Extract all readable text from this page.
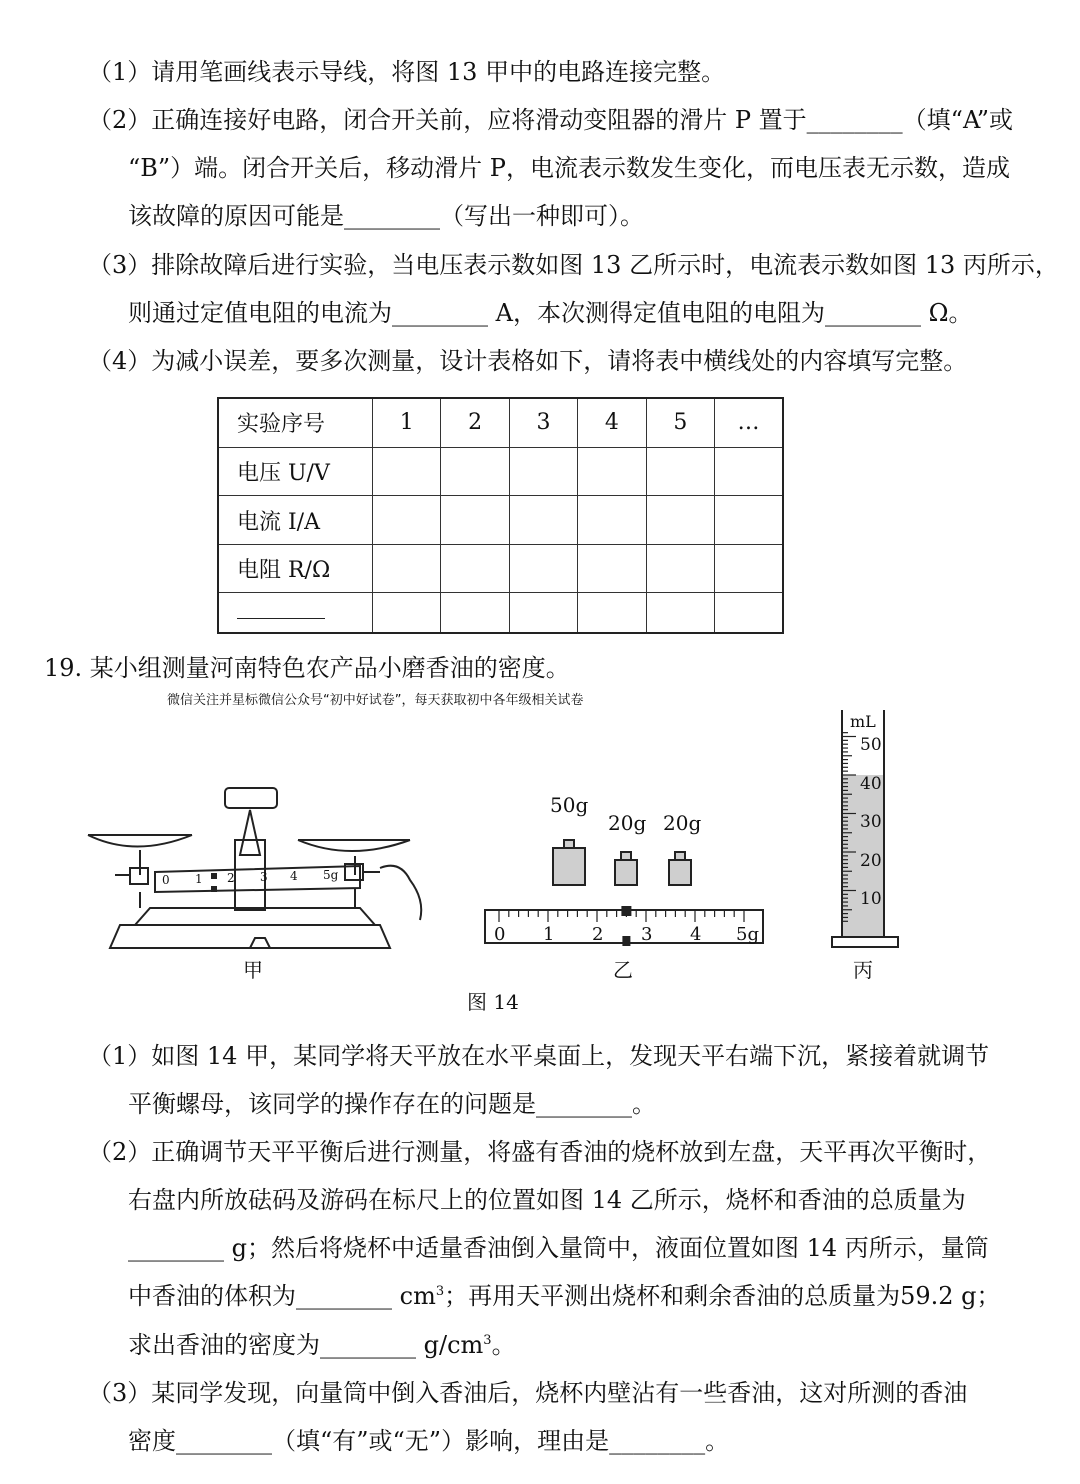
（1）请用笔画线表示导线，将图 13 甲中的电路连接完整。
（2）正确连接好电路，闭合开关前，应将滑动变阻器的滑片 P 置于________（填“A”或
“B”）端。闭合开关后，移动滑片 P，电流表示数发生变化，而电压表无示数，造成
该故障的原因可能是________（写出一种即可）。
（3）排除故障后进行实验，当电压表示数如图 13 乙所示时，电流表示数如图 13 丙所示，
则通过定值电阻的电流为________ A，本次测得定值电阻的电阻为________ Ω。
（4）为减小误差，要多次测量，设计表格如下，请将表中横线处的内容填写完整。
实验序号	1	2	3	4	5	…
电压 U/V						
电流 I/A						
电阻 R/Ω						

19. 某小组测量河南特色农产品小磨香油的密度。
微信关注并星标微信公众号“初中好试卷”，每天获取初中各年级相关试卷
0 1 2 3 4 5g
甲
50g
20g 20g
0 1 2 3 4 5g
乙
mL
50
40
30
20
10
丙
图 14
（1）如图 14 甲，某同学将天平放在水平桌面上，发现天平右端下沉，紧接着就调节
平衡螺母，该同学的操作存在的问题是________。
（2）正确调节天平平衡后进行测量，将盛有香油的烧杯放到左盘，天平再次平衡时，
右盘内所放砝码及游码在标尺上的位置如图 14 乙所示，烧杯和香油的总质量为
________ g；然后将烧杯中适量香油倒入量筒中，液面位置如图 14 丙所示，量筒
中香油的体积为________ $cm^3$；再用天平测出烧杯和剩余香油的总质量为59.2 g；
求出香油的密度为________ $g/cm^3$。
（3）某同学发现，向量筒中倒入香油后，烧杯内壁沾有一些香油，这对所测的香油
密度________（填“有”或“无”）影响，理由是________。
